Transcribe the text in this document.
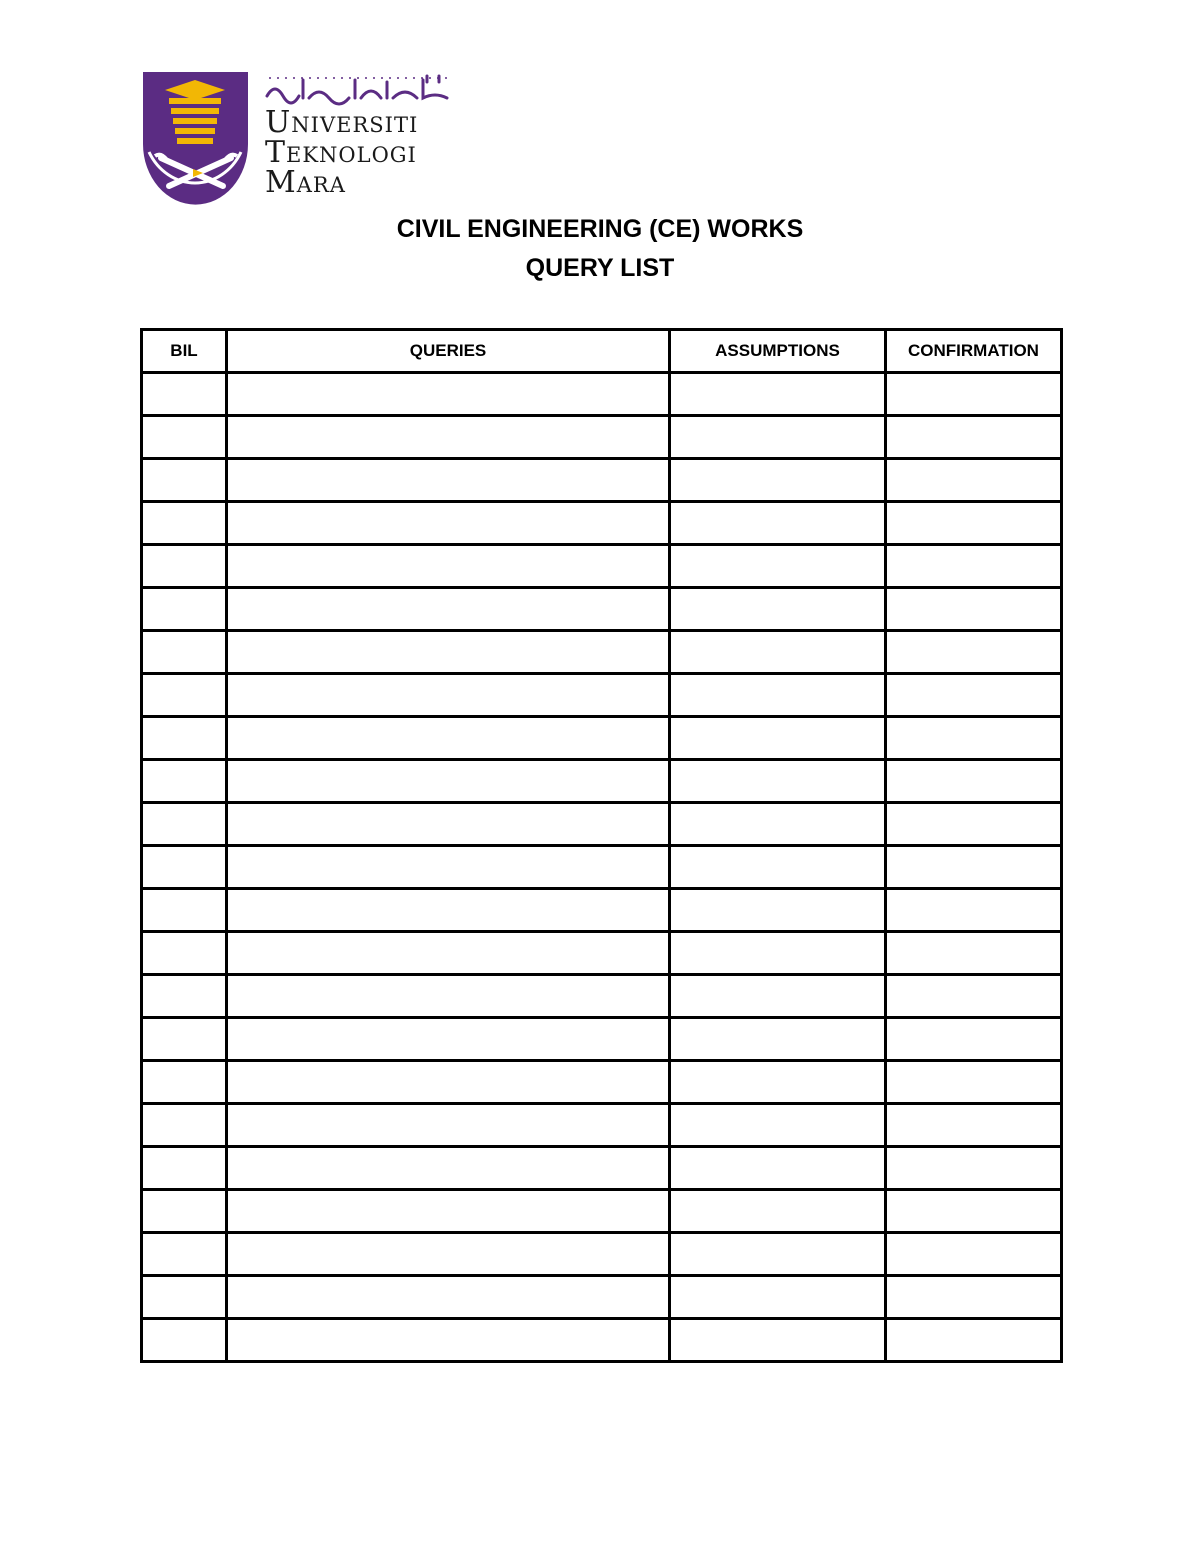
Universiti
Teknologi
Mara
CIVIL ENGINEERING (CE) WORKS
QUERY LIST
BIL	QUERIES	ASSUMPTIONS	CONFIRMATION
